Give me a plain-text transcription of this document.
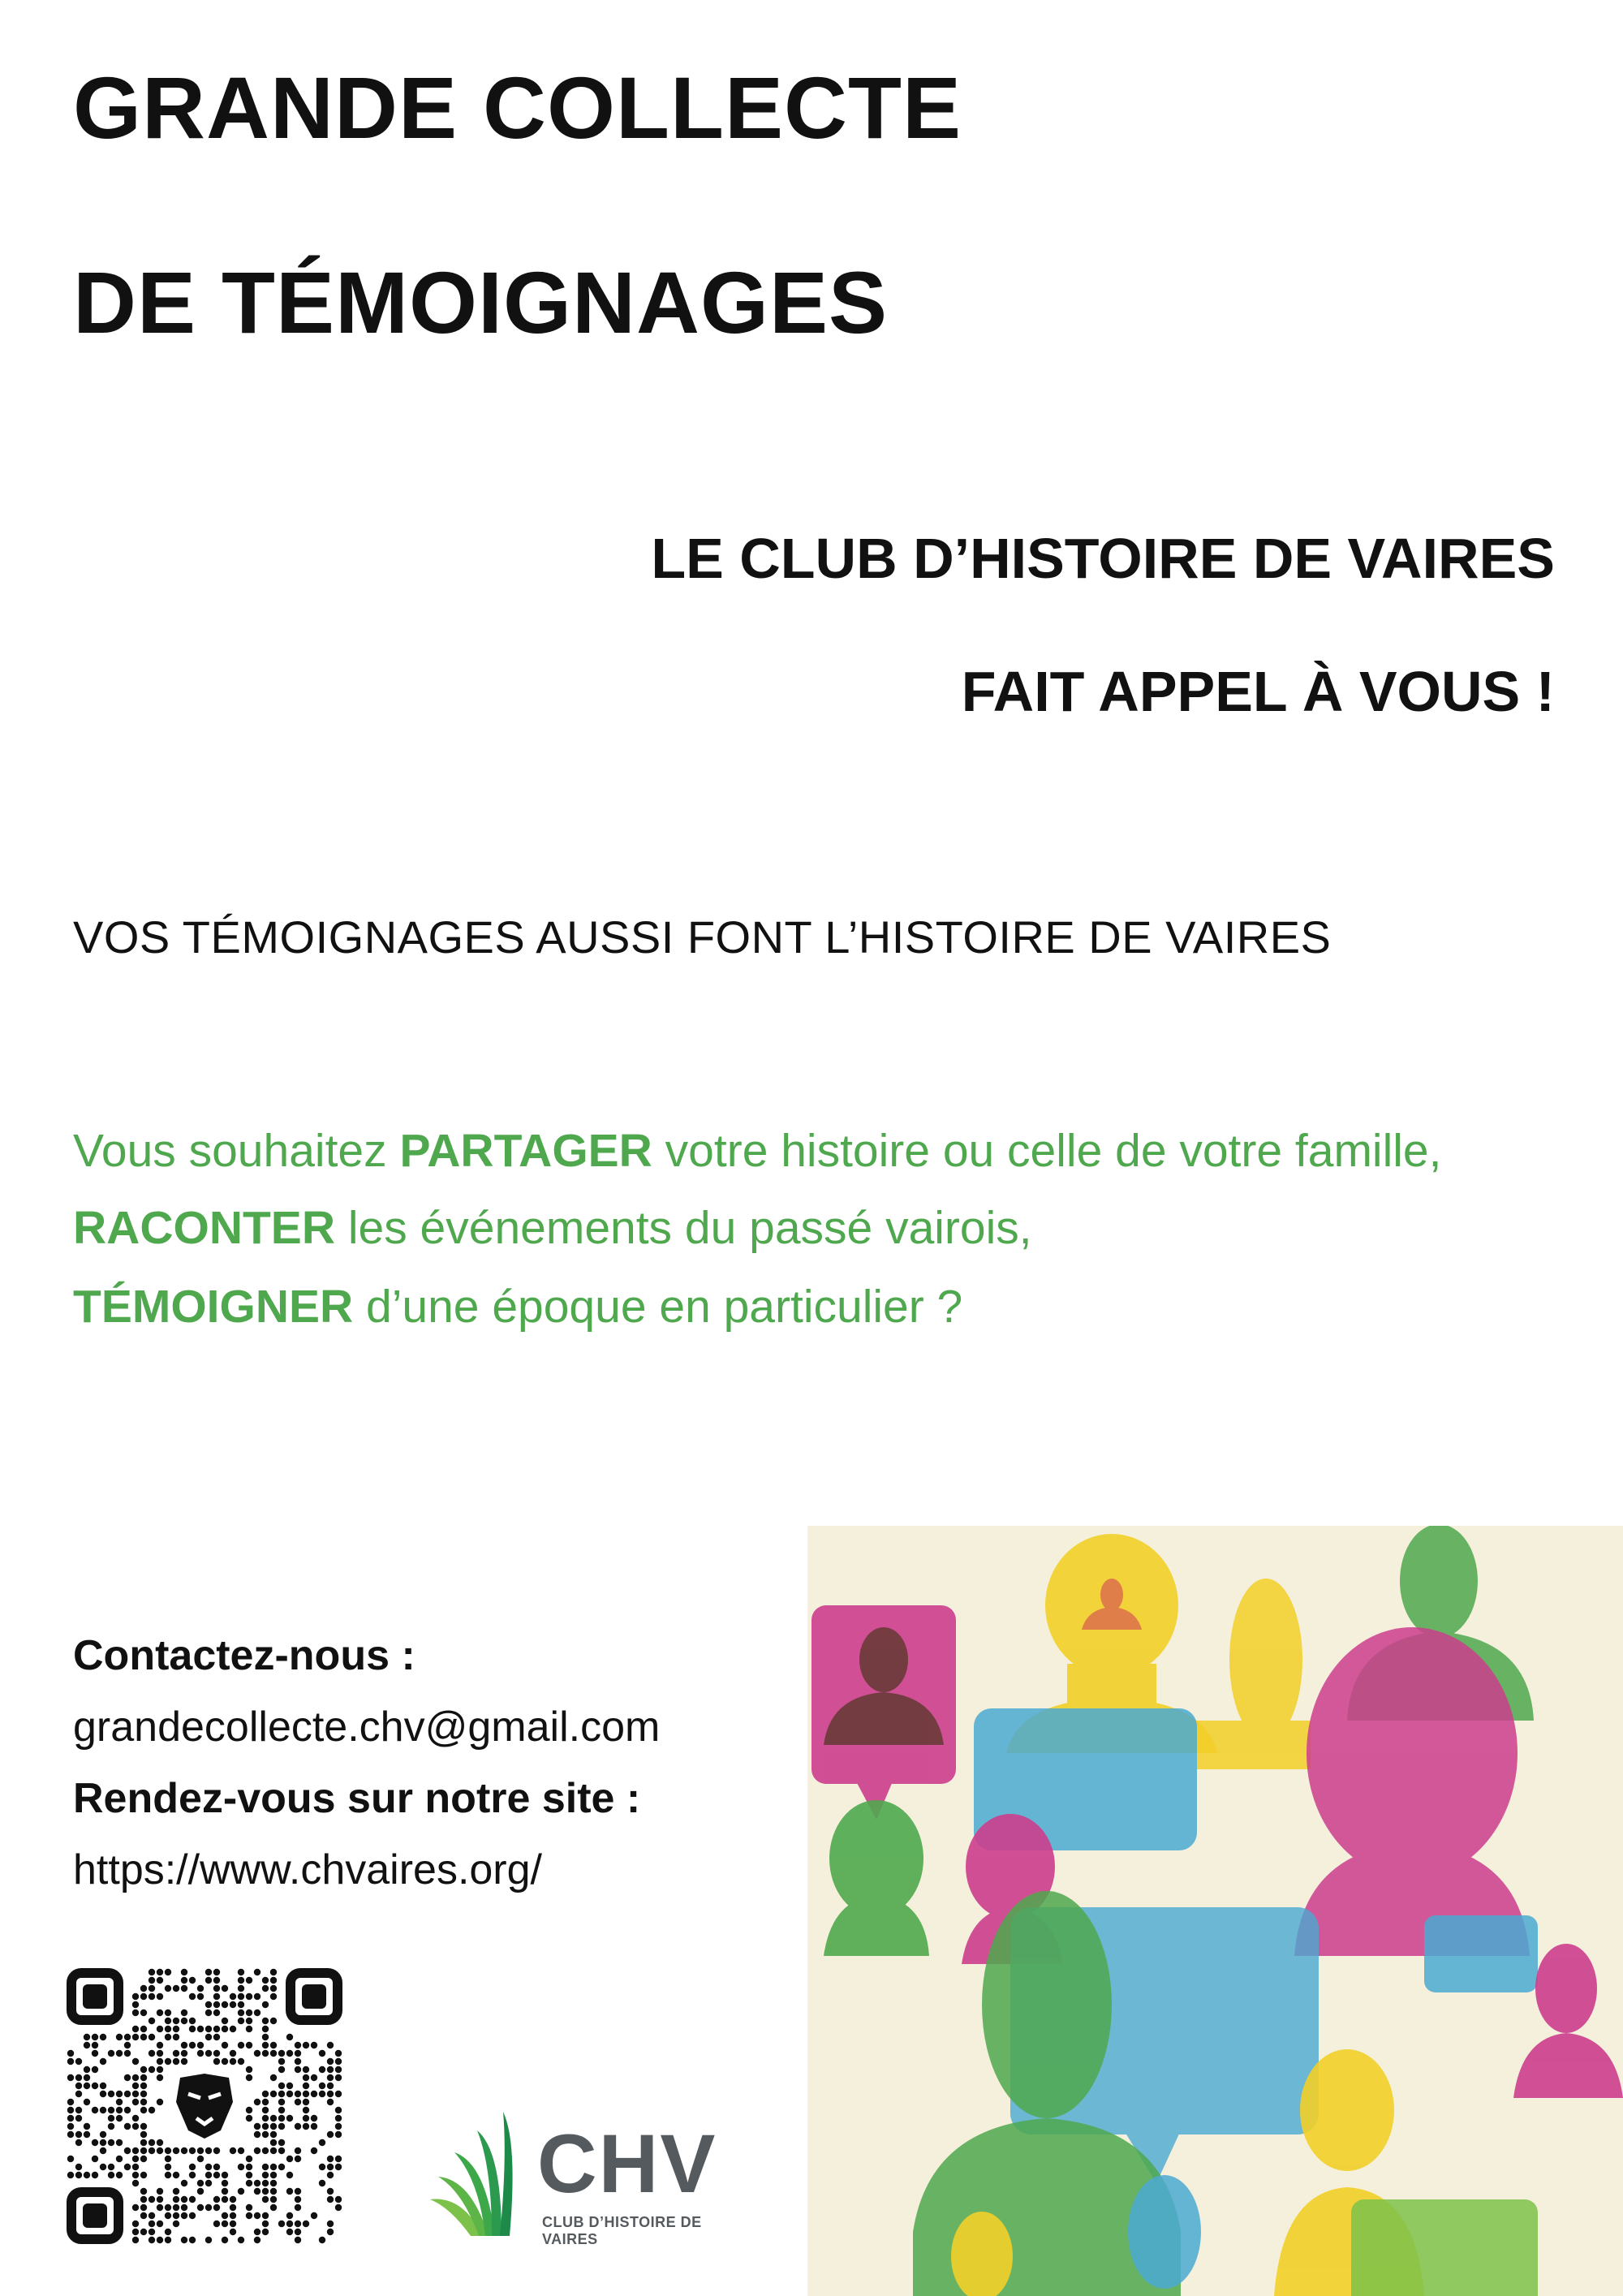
GRANDE COLLECTE
DE TÉMOIGNAGES

LE CLUB D’HISTOIRE DE VAIRES

FAIT APPEL À VOUS !

VOS TÉMOIGNAGES AUSSI FONT L’HISTOIRE DE VAIRES

Vous souhaitez PARTAGER votre histoire ou celle de votre famille,

RACONTER les événements du passé vairois,

TÉMOIGNER d’une époque en particulier ?

Contactez-nous :

grandecollecte.chv@gmail.com

Rendez-vous sur notre site :

https://www.chvaires.org/

CHV

CLUB D’HISTOIRE DE VAIRES
